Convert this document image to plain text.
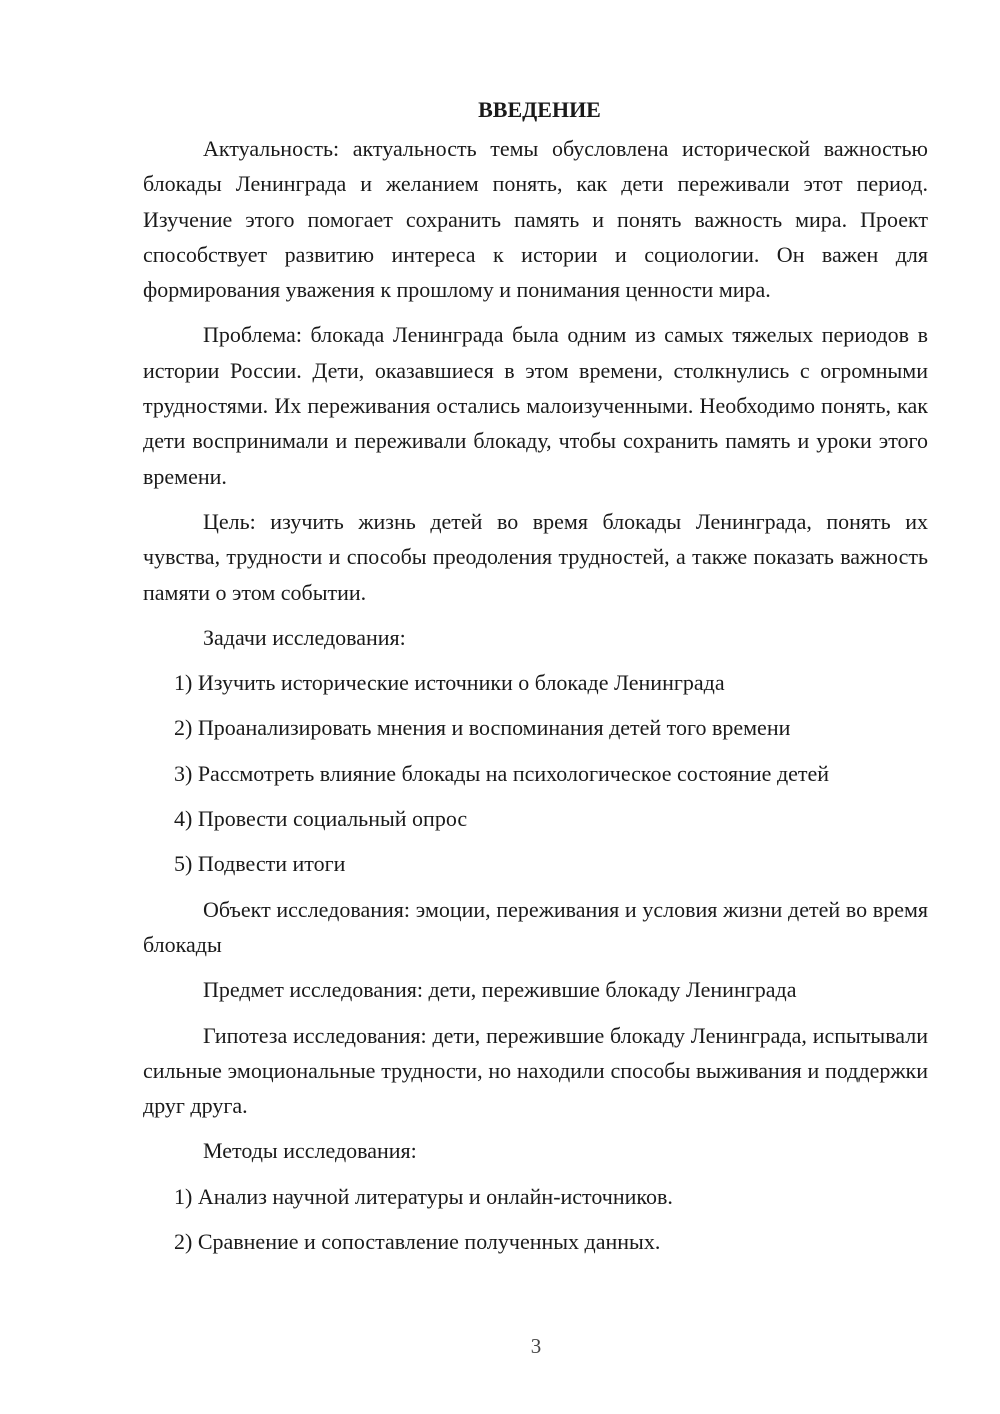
ВВЕДЕНИЕ

Актуальность: актуальность темы обусловлена исторической важностью блокады Ленинграда и желанием понять, как дети переживали этот период. Изучение этого помогает сохранить память и понять важность мира. Проект способствует развитию интереса к истории и социологии. Он важен для формирования уважения к прошлому и понимания ценности мира.

Проблема: блокада Ленинграда была одним из самых тяжелых периодов в истории России. Дети, оказавшиеся в этом времени, столкнулись с огромными трудностями. Их переживания остались малоизученными. Необходимо понять, как дети воспринимали и переживали блокаду, чтобы сохранить память и уроки этого времени.

Цель: изучить жизнь детей во время блокады Ленинграда, понять их чувства, трудности и способы преодоления трудностей, а также показать важность памяти о этом событии.

Задачи исследования:

1) Изучить исторические источники о блокаде Ленинграда

2) Проанализировать мнения и воспоминания детей того времени

3) Рассмотреть влияние блокады на психологическое состояние детей

4) Провести социальный опрос

5) Подвести итоги

Объект исследования: эмоции, переживания и условия жизни детей во время блокады

Предмет исследования: дети, пережившие блокаду Ленинграда

Гипотеза исследования: дети, пережившие блокаду Ленинграда, испытывали сильные эмоциональные трудности, но находили способы выживания и поддержки друг друга.

Методы исследования:

1) Анализ научной литературы и онлайн-источников.

2) Сравнение и сопоставление полученных данных.

3
